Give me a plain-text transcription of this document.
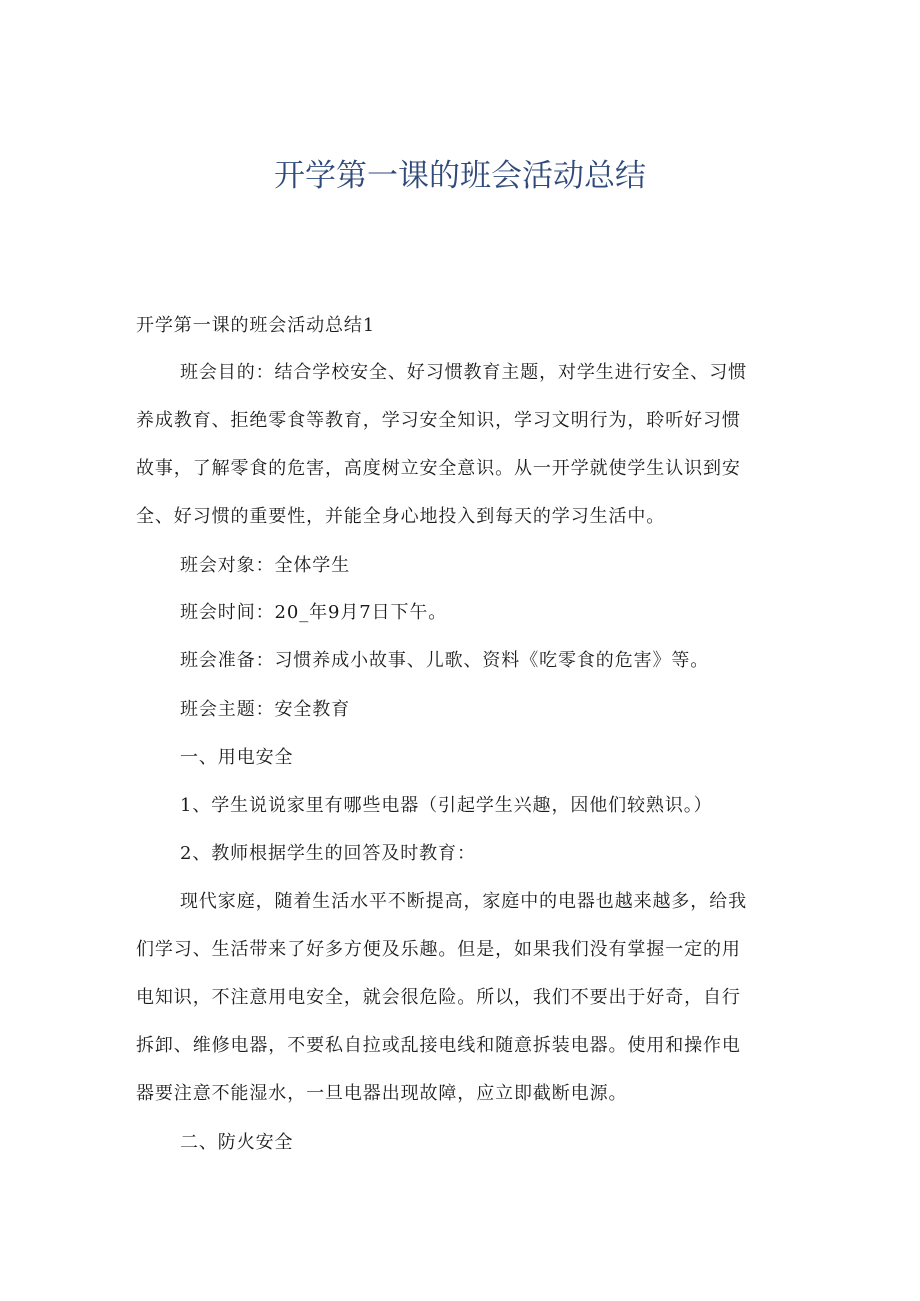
开学第一课的班会活动总结
开学第一课的班会活动总结1
班会目的：结合学校安全、好习惯教育主题，对学生进行安全、习惯
养成教育、拒绝零食等教育，学习安全知识，学习文明行为，聆听好习惯
故事，了解零食的危害，高度树立安全意识。从一开学就使学生认识到安
全、好习惯的重要性，并能全身心地投入到每天的学习生活中。
班会对象：全体学生
班会时间：20_年9月7日下午。
班会准备：习惯养成小故事、儿歌、资料《吃零食的危害》等。
班会主题：安全教育
一、用电安全
1、学生说说家里有哪些电器（引起学生兴趣，因他们较熟识。）
2、教师根据学生的回答及时教育：
现代家庭，随着生活水平不断提高，家庭中的电器也越来越多，给我
们学习、生活带来了好多方便及乐趣。但是，如果我们没有掌握一定的用
电知识，不注意用电安全，就会很危险。所以，我们不要出于好奇，自行
拆卸、维修电器，不要私自拉或乱接电线和随意拆装电器。使用和操作电
器要注意不能湿水，一旦电器出现故障，应立即截断电源。
二、防火安全
